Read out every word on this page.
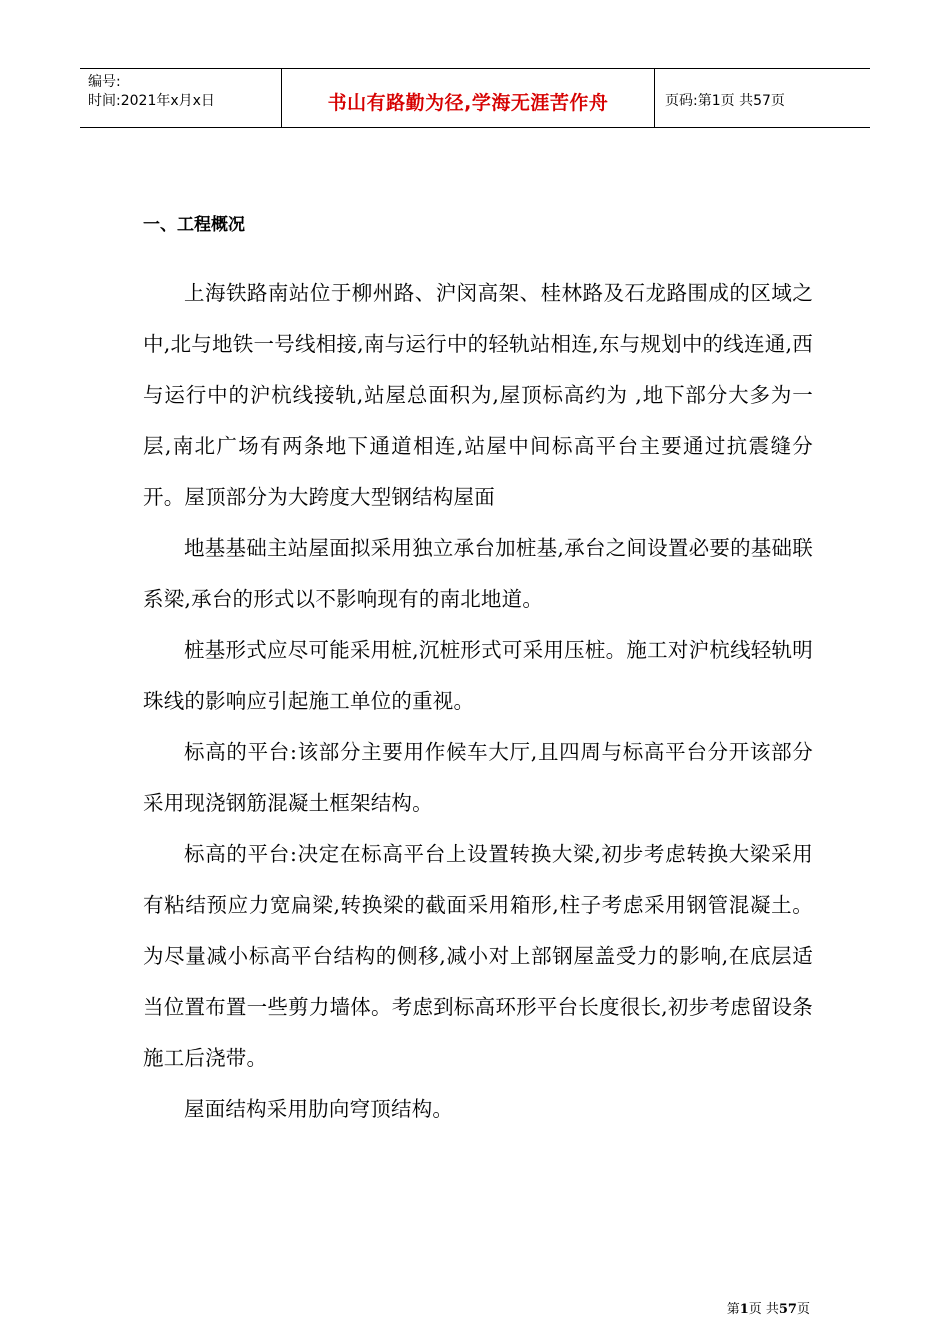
编号:
时间:2021年x月x日	书山有路勤为径,学海无涯苦作舟	页码:第1页 共57页
一、工程概况

上海铁路南站位于柳州路、沪闵高架、桂林路及石龙路围成的区域之中,北与地铁一号线相接,南与运行中的轻轨站相连,东与规划中的线连通,西与运行中的沪杭线接轨,站屋总面积为,屋顶标高约为 ,地下部分大多为一层,南北广场有两条地下通道相连,站屋中间标高平台主要通过抗震缝分开。屋顶部分为大跨度大型钢结构屋面

地基基础主站屋面拟采用独立承台加桩基,承台之间设置必要的基础联系梁,承台的形式以不影响现有的南北地道。

桩基形式应尽可能采用桩,沉桩形式可采用压桩。施工对沪杭线轻轨明珠线的影响应引起施工单位的重视。

标高的平台:该部分主要用作候车大厅,且四周与标高平台分开该部分采用现浇钢筋混凝土框架结构。

标高的平台:决定在标高平台上设置转换大梁,初步考虑转换大梁采用有粘结预应力宽扁梁,转换梁的截面采用箱形,柱子考虑采用钢管混凝土。为尽量减小标高平台结构的侧移,减小对上部钢屋盖受力的影响,在底层适当位置布置一些剪力墙体。考虑到标高环形平台长度很长,初步考虑留设条施工后浇带。

屋面结构采用肋向穹顶结构。

第1页 共57页
